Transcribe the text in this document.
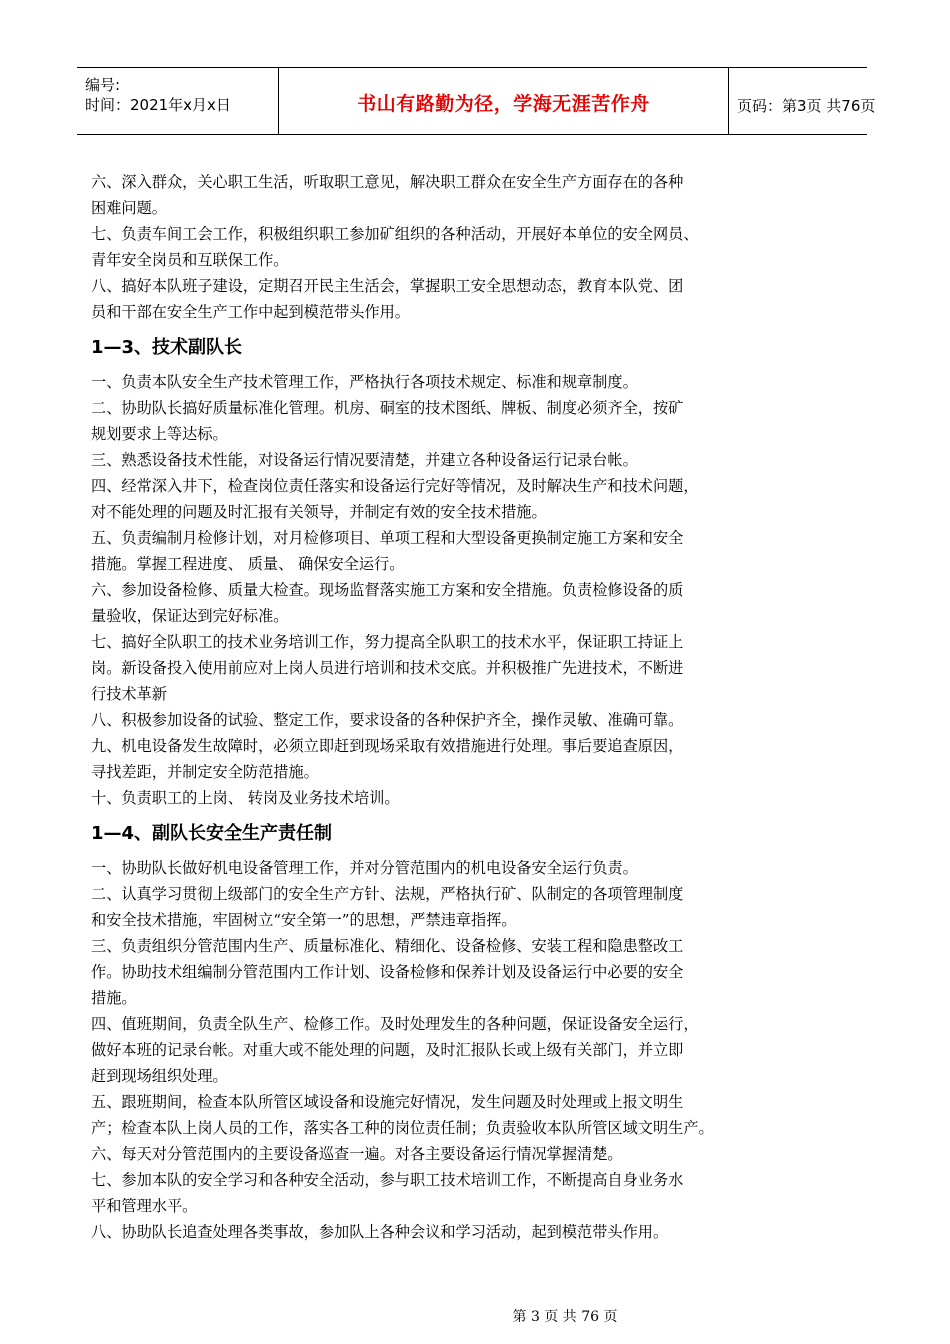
编号:
时间：2021年x月x日	书山有路勤为径，学海无涯苦作舟	页码：第3页 共76页
六、深入群众，关心职工生活，听取职工意见，解决职工群众在安全生产方面存在的各种
困难问题。
七、负责车间工会工作，积极组织职工参加矿组织的各种活动，开展好本单位的安全网员、
青年安全岗员和互联保工作。
八、搞好本队班子建设，定期召开民主生活会，掌握职工安全思想动态，教育本队党、团
员和干部在安全生产工作中起到模范带头作用。
1—3、技术副队长
一、负责本队安全生产技术管理工作，严格执行各项技术规定、标准和规章制度。
二、协助队长搞好质量标准化管理。机房、硐室的技术图纸、牌板、制度必须齐全，按矿
规划要求上等达标。
三、熟悉设备技术性能，对设备运行情况要清楚，并建立各种设备运行记录台帐。
四、经常深入井下，检查岗位责任落实和设备运行完好等情况，及时解决生产和技术问题，
对不能处理的问题及时汇报有关领导，并制定有效的安全技术措施。
五、负责编制月检修计划，对月检修项目、单项工程和大型设备更换制定施工方案和安全
措施。掌握工程进度、 质量、 确保安全运行。
六、参加设备检修、质量大检查。现场监督落实施工方案和安全措施。负责检修设备的质
量验收，保证达到完好标准。
七、搞好全队职工的技术业务培训工作，努力提高全队职工的技术水平，保证职工持证上
岗。新设备投入使用前应对上岗人员进行培训和技术交底。并积极推广先进技术，不断进
行技术革新
八、积极参加设备的试验、整定工作，要求设备的各种保护齐全，操作灵敏、准确可靠。
九、机电设备发生故障时，必须立即赶到现场采取有效措施进行处理。事后要追查原因，
寻找差距，并制定安全防范措施。
十、负责职工的上岗、 转岗及业务技术培训。
1—4、副队长安全生产责任制
一、协助队长做好机电设备管理工作，并对分管范围内的机电设备安全运行负责。
二、认真学习贯彻上级部门的安全生产方针、法规，严格执行矿、队制定的各项管理制度
和安全技术措施，牢固树立“安全第一”的思想，严禁违章指挥。
三、负责组织分管范围内生产、质量标准化、精细化、设备检修、安装工程和隐患整改工
作。协助技术组编制分管范围内工作计划、设备检修和保养计划及设备运行中必要的安全
措施。
四、值班期间，负责全队生产、检修工作。及时处理发生的各种问题，保证设备安全运行，
做好本班的记录台帐。对重大或不能处理的问题，及时汇报队长或上级有关部门，并立即
赶到现场组织处理。
五、跟班期间，检查本队所管区域设备和设施完好情况，发生问题及时处理或上报文明生
产；检查本队上岗人员的工作，落实各工种的岗位责任制；负责验收本队所管区域文明生产。
六、每天对分管范围内的主要设备巡查一遍。对各主要设备运行情况掌握清楚。
七、参加本队的安全学习和各种安全活动，参与职工技术培训工作，不断提高自身业务水
平和管理水平。
八、协助队长追查处理各类事故，参加队上各种会议和学习活动，起到模范带头作用。
第 3 页 共 76 页
